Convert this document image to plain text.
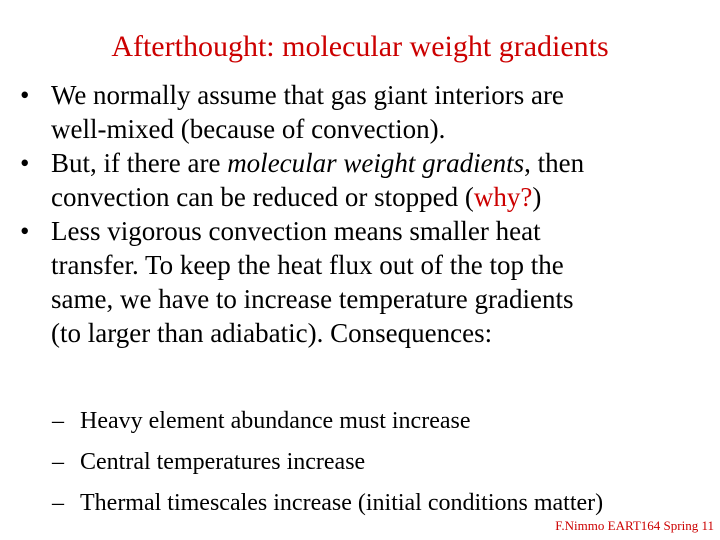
Afterthought: molecular weight gradients
• We normally assume that gas giant interiors are
well-mixed (because of convection).
• But, if there are molecular weight gradients, then
convection can be reduced or stopped (why?)
• Less vigorous convection means smaller heat
transfer. To keep the heat flux out of the top the
same, we have to increase temperature gradients
(to larger than adiabatic). Consequences:
– Heavy element abundance must increase
– Central temperatures increase
– Thermal timescales increase (initial conditions matter)
F.Nimmo EART164 Spring 11
